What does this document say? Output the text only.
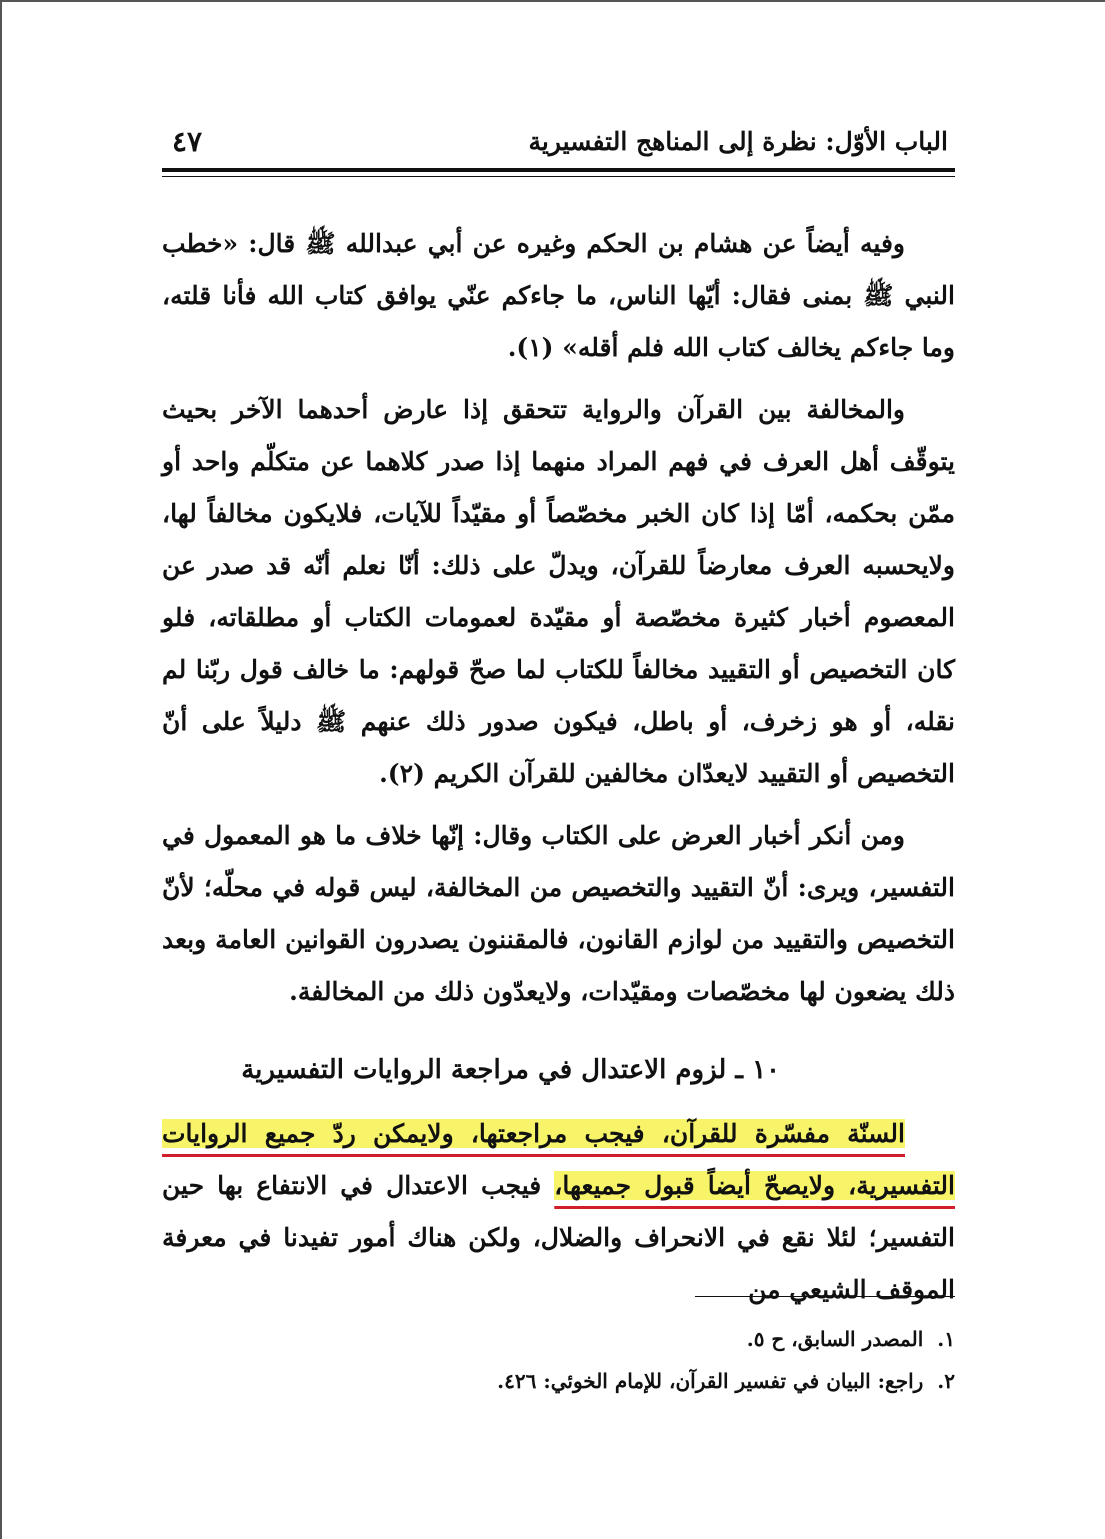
الباب الأوّل: نظرة إلى المناهج التفسيرية
٤٧

وفيه أيضاً عن هشام بن الحكم وغيره عن أبي عبدالله ﷺ قال: «خطب النبي ﷺ بمنى فقال: أيّها الناس، ما جاءكم عنّي يوافق كتاب الله فأنا قلته، وما جاءكم يخالف كتاب الله فلم أقله» (١).

والمخالفة بين القرآن والرواية تتحقق إذا عارض أحدهما الآخر بحيث يتوقّف أهل العرف في فهم المراد منهما إذا صدر كلاهما عن متكلّم واحد أو ممّن بحكمه، أمّا إذا كان الخبر مخصّصاً أو مقيّداً للآيات، فلايكون مخالفاً لها، ولايحسبه العرف معارضاً للقرآن، ويدلّ على ذلك: أنّا نعلم أنّه قد صدر عن المعصوم أخبار كثيرة مخصّصة أو مقيّدة لعمومات الكتاب أو مطلقاته، فلو كان التخصيص أو التقييد مخالفاً للكتاب لما صحّ قولهم: ما خالف قول ربّنا لم نقله، أو هو زخرف، أو باطل، فيكون صدور ذلك عنهم ﷺ دليلاً على أنّ التخصيص أو التقييد لايعدّان مخالفين للقرآن الكريم (٢).

ومن أنكر أخبار العرض على الكتاب وقال: إنّها خلاف ما هو المعمول في التفسير، ويرى: أنّ التقييد والتخصيص من المخالفة، ليس قوله في محلّه؛ لأنّ التخصيص والتقييد من لوازم القانون، فالمقننون يصدرون القوانين العامة وبعد ذلك يضعون لها مخصّصات ومقيّدات، ولايعدّون ذلك من المخالفة.

١٠ ـ لزوم الاعتدال في مراجعة الروايات التفسيرية

السنّة مفسّرة للقرآن، فيجب مراجعتها، ولايمكن ردّ جميع الروايات التفسيرية، ولايصحّ أيضاً قبول جميعها، فيجب الاعتدال في الانتفاع بها حين التفسير؛ لئلا نقع في الانحراف والضلال، ولكن هناك أمور تفيدنا في معرفة الموقف الشيعي من

١.المصدر السابق، ح ٥.
٢.راجع: البيان في تفسير القرآن، للإمام الخوئي: ٤٢٦.
